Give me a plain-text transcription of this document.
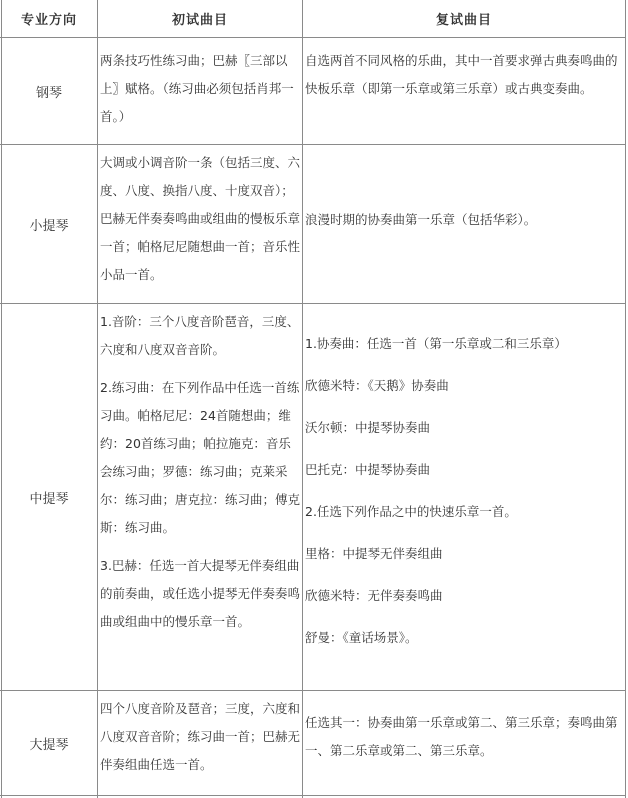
专业方向	初试曲目	复试曲目
钢琴

两条技巧性练习曲；巴赫〖三部以上〗赋格。（练习曲必须包括肖邦一首。）

自选两首不同风格的乐曲，其中一首要求弹古典奏鸣曲的快板乐章（即第一乐章或第三乐章）或古典变奏曲。

小提琴

大调或小调音阶一条（包括三度、六度、八度、换指八度、十度双音）；巴赫无伴奏奏鸣曲或组曲的慢板乐章一首；帕格尼尼随想曲一首；音乐性小品一首。

浪漫时期的协奏曲第一乐章（包括华彩）。

中提琴

1.音阶：三个八度音阶琶音，三度、六度和八度双音音阶。

2.练习曲：在下列作品中任选一首练习曲。帕格尼尼：24首随想曲；维约：20首练习曲；帕拉施克：音乐会练习曲；罗德：练习曲；克莱采尔：练习曲；唐克拉：练习曲；傅克斯：练习曲。

3.巴赫：任选一首大提琴无伴奏组曲的前奏曲，或任选小提琴无伴奏奏鸣曲或组曲中的慢乐章一首。

1.协奏曲：任选一首（第一乐章或二和三乐章）

欣德米特：《天鹅》协奏曲

沃尔顿：中提琴协奏曲

巴托克：中提琴协奏曲

2.任选下列作品之中的快速乐章一首。

里格：中提琴无伴奏组曲

欣德米特：无伴奏奏鸣曲

舒曼：《童话场景》。

大提琴

四个八度音阶及琶音；三度，六度和八度双音音阶；练习曲一首；巴赫无伴奏组曲任选一首。

任选其一：协奏曲第一乐章或第二、第三乐章；奏鸣曲第一、第二乐章或第二、第三乐章。
